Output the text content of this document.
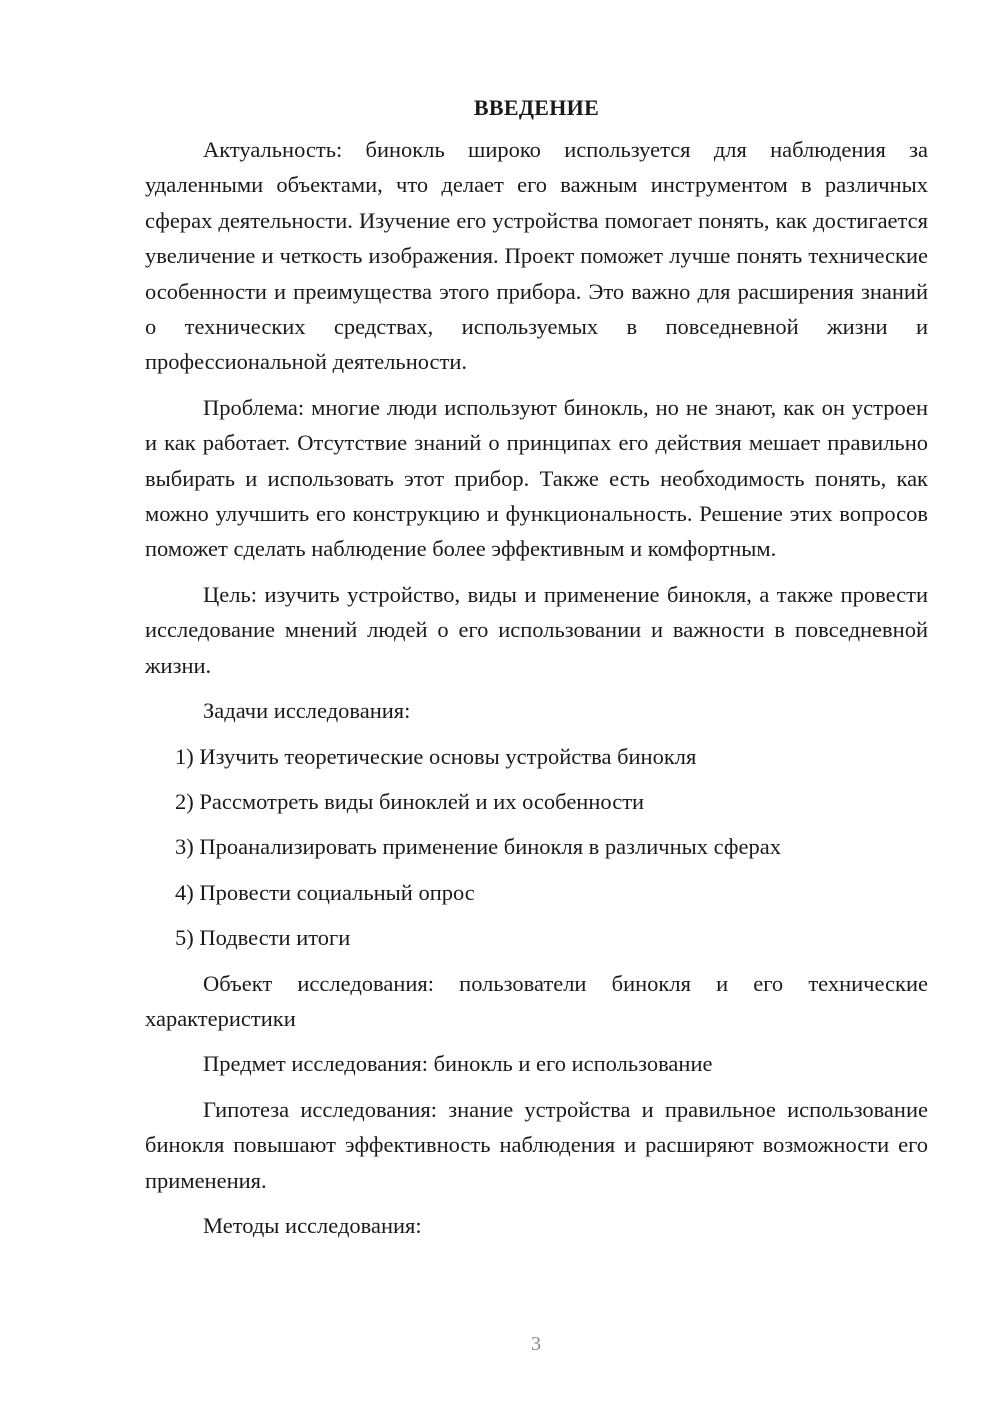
ВВЕДЕНИЕ

Актуальность: бинокль широко используется для наблюдения за удаленными объектами, что делает его важным инструментом в различных сферах деятельности. Изучение его устройства помогает понять, как достигается увеличение и четкость изображения. Проект поможет лучше понять технические особенности и преимущества этого прибора. Это важно для расширения знаний о технических средствах, используемых в повседневной жизни и профессиональной деятельности.

Проблема: многие люди используют бинокль, но не знают, как он устроен и как работает. Отсутствие знаний о принципах его действия мешает правильно выбирать и использовать этот прибор. Также есть необходимость понять, как можно улучшить его конструкцию и функциональность. Решение этих вопросов поможет сделать наблюдение более эффективным и комфортным.

Цель: изучить устройство, виды и применение бинокля, а также провести исследование мнений людей о его использовании и важности в повседневной жизни.

Задачи исследования:

1) Изучить теоретические основы устройства бинокля
2) Рассмотреть виды биноклей и их особенности
3) Проанализировать применение бинокля в различных сферах
4) Провести социальный опрос
5) Подвести итоги

Объект исследования: пользователи бинокля и его технические характеристики

Предмет исследования: бинокль и его использование

Гипотеза исследования: знание устройства и правильное использование бинокля повышают эффективность наблюдения и расширяют возможности его применения.

Методы исследования:

3
